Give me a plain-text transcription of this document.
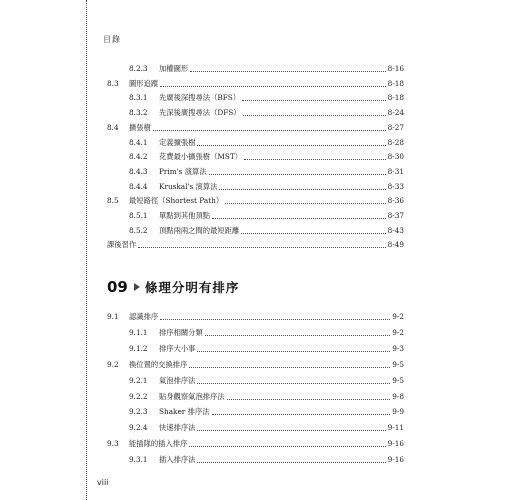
目錄
8.2.3	加權圖形	8-16
8.3	圖形追蹤	8-18
8.3.1	先廣後深搜尋法（BFS）	8-18
8.3.2	先深後廣搜尋法（DFS）	8-24
8.4	擴張樹	8-27
8.4.1	定義擴張樹	8-28
8.4.2	花費最小擴張樹（MST）	8-30
8.4.3	Prim's 演算法	8-31
8.4.4	Kruskal's 演算法	8-33
8.5	最短路徑（Shortest Path）	8-36
8.5.1	單點到其他頂點	8-37
8.5.2	頂點兩兩之間的最短距離	8-43
課後習作	8-49
9.1	認識排序	9-2
9.1.1	排序相關分類	9-2
9.1.2	排序大小事	9-3
9.2	換位置的交換排序	9-5
9.2.1	氣泡排序法	9-5
9.2.2	貼身觀察氣泡排序法	9-8
9.2.3	Shaker 排序法	9-9
9.2.4	快速排序法	9-11
9.3	能插隊的插入排序	9-16
9.3.1	插入排序法	9-16
09 條理分明有排序
viii
